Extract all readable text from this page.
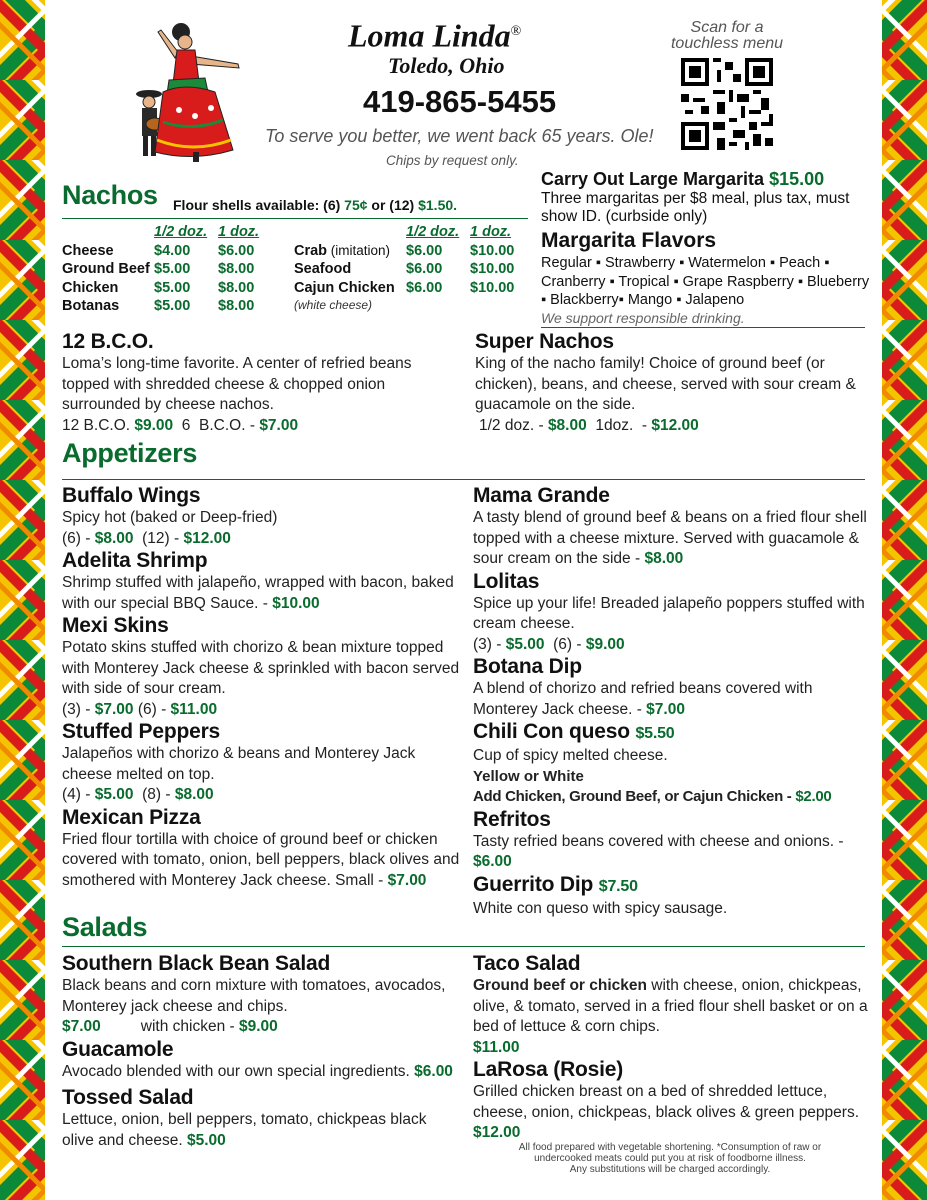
Loma Linda®
Toledo, Ohio
419-865-5455
To serve you better, we went back 65 years. Ole!
Chips by request only.
Scan for a
touchless menu
Nachos Flour shells available: (6) 75¢ or (12) $1.50.
	1/2 doz.	1 doz.
Cheese	$4.00	$6.00
Ground Beef	$5.00	$8.00
Chicken	$5.00	$8.00
Botanas	$5.00	$8.00
	1/2 doz.	1 doz.
Crab (imitation)	$6.00	$10.00
Seafood	$6.00	$10.00
Cajun Chicken	$6.00	$10.00
(white cheese)
Carry Out Large Margarita $15.00
Three margaritas per $8 meal, plus tax, must show ID. (curbside only)
Margarita Flavors
Regular ▪ Strawberry ▪ Watermelon ▪ Peach ▪ Cranberry ▪ Tropical ▪ Grape Raspberry ▪ Blueberry ▪ Blackberry▪ Mango ▪ Jalapeno
We support responsible drinking.
12 B.C.O.
Loma’s long-time favorite. A center of refried beans topped with shredded cheese & chopped onion surrounded by cheese nachos.
12 B.C.O. $9.00  6  B.C.O. - $7.00
Super Nachos
King of the nacho family! Choice of ground beef (or chicken), beans, and cheese, served with sour cream & guacamole on the side.
1/2 doz. - $8.00  1doz.  - $12.00
Appetizers
Buffalo Wings
Spicy hot (baked or Deep-fried)
(6) - $8.00  (12) - $12.00
Adelita Shrimp
Shrimp stuffed with jalapeño, wrapped with bacon, baked with our special BBQ Sauce. - $10.00
Mexi Skins
Potato skins stuffed with chorizo & bean mixture topped with Monterey Jack cheese & sprinkled with bacon served with side of sour cream.
(3) - $7.00 (6) - $11.00
Stuffed Peppers
Jalapeños with chorizo & beans and Monterey Jack cheese melted on top.
(4) - $5.00  (8) - $8.00
Mexican Pizza
Fried flour tortilla with choice of ground beef or chicken covered with tomato, onion, bell peppers, black olives and smothered with Monterey Jack cheese. Small - $7.00
Mama Grande
A tasty blend of ground beef & beans on a fried flour shell topped with a cheese mixture. Served with guacamole & sour cream on the side - $8.00
Lolitas
Spice up your life! Breaded jalapeño poppers stuffed with cream cheese.
(3) - $5.00  (6) - $9.00
Botana Dip
A blend of chorizo and refried beans covered with Monterey Jack cheese. - $7.00
Chili Con queso $5.50
Cup of spicy melted cheese.
Yellow or White
Add Chicken, Ground Beef, or Cajun Chicken - $2.00
Refritos
Tasty refried beans covered with cheese and onions. - $6.00
Guerrito Dip $7.50
White con queso with spicy sausage.
Salads
Southern Black Bean Salad
Black beans and corn mixture with tomatoes, avocados, Monterey jack cheese and chips.
$7.00	with chicken - $9.00
Guacamole
Avocado blended with our own special ingredients. $6.00
Tossed Salad
Lettuce, onion, bell peppers, tomato, chickpeas black olive and cheese. $5.00
Taco Salad
Ground beef or chicken with cheese, onion, chickpeas, olive, & tomato, served in a fried flour shell basket or on a bed of lettuce & corn chips.
$11.00
LaRosa (Rosie)
Grilled chicken breast on a bed of shredded lettuce, cheese, onion, chickpeas, black olives & green peppers. $12.00
All food prepared with vegetable shortening. *Consumption of raw or
undercooked meats could put you at risk of foodborne illness.
Any substitutions will be charged accordingly.
